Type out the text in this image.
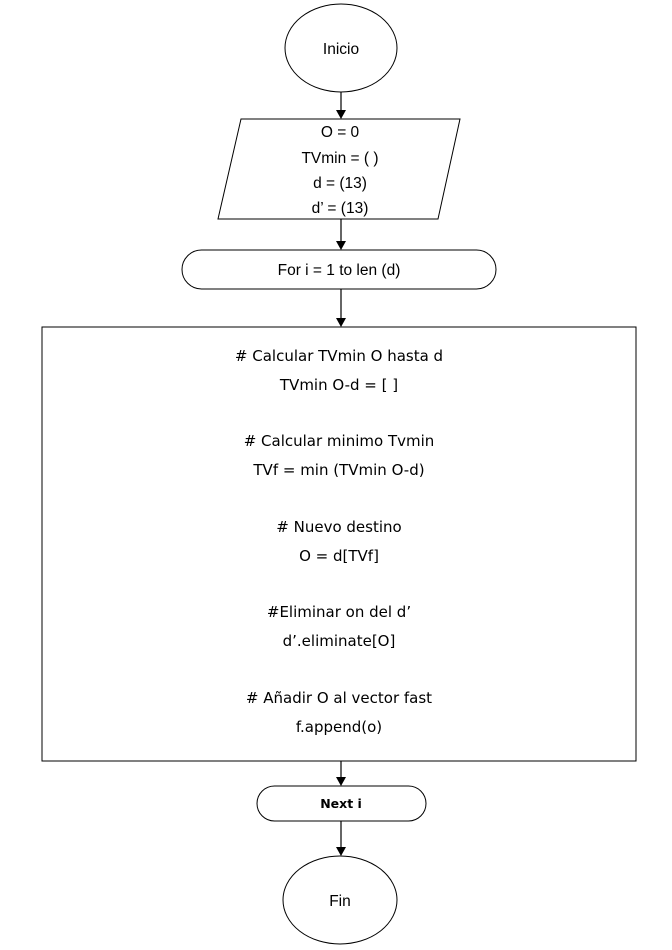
Inicio
O = 0
TVmin = ( )
d = (13)
d’ = (13)
For i = 1 to len (d)
# Calcular TVmin O hasta d
TVmin O-d = [ ]
# Calcular minimo Tvmin
TVf = min (TVmin O-d)
# Nuevo destino
O = d[TVf]
#Eliminar on del d’
d’.eliminate[O]
# Añadir O al vector fast
f.append(o)
Next i
Fin
